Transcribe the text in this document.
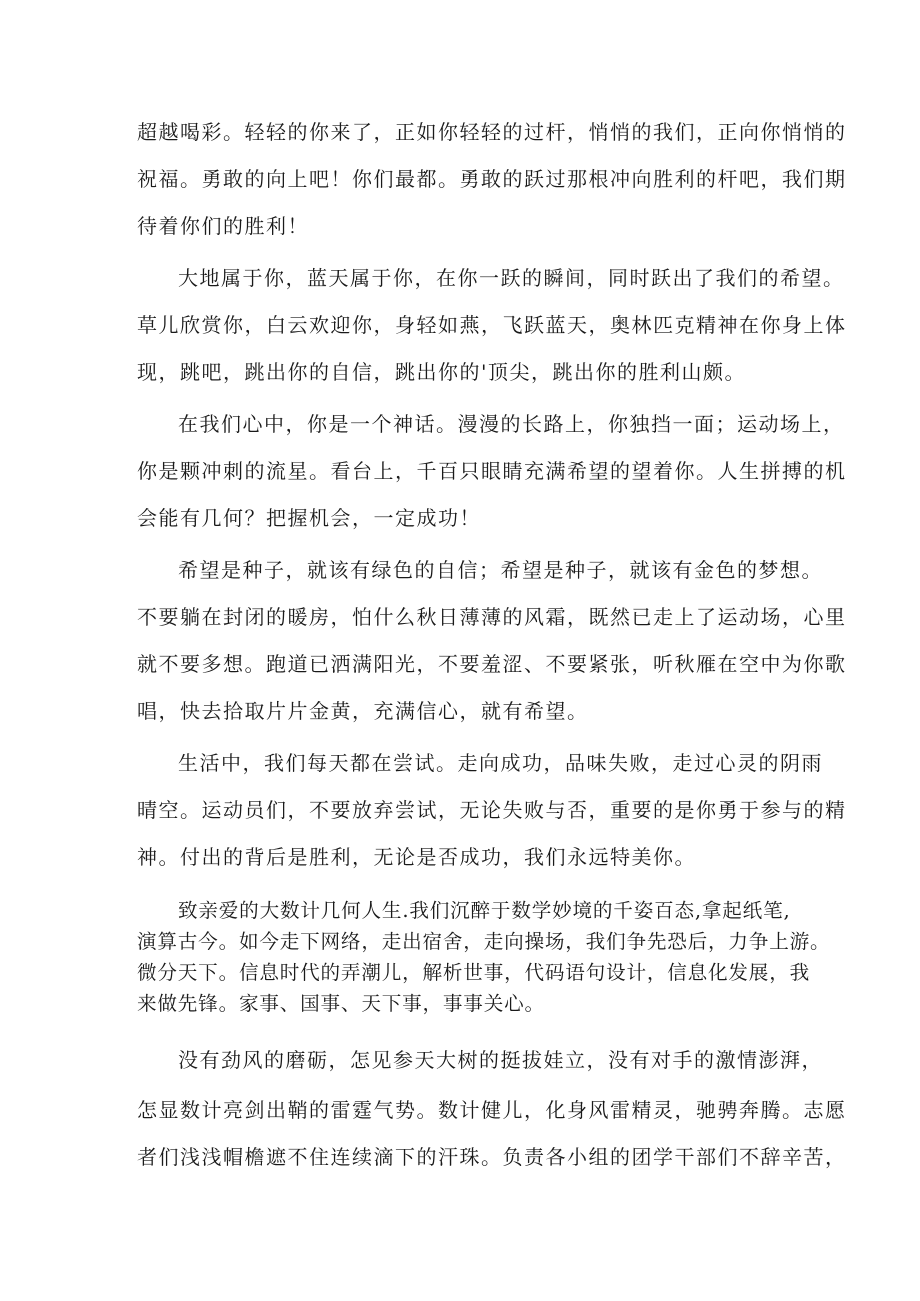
超越喝彩。轻轻的你来了，正如你轻轻的过杆，悄悄的我们，正向你悄悄的

祝福。勇敢的向上吧！你们最都。勇敢的跃过那根冲向胜利的杆吧，我们期

待着你们的胜利！

大地属于你，蓝天属于你，在你一跃的瞬间，同时跃出了我们的希望。

草儿欣赏你，白云欢迎你，身轻如燕，飞跃蓝天，奥林匹克精神在你身上体

现，跳吧，跳出你的自信，跳出你的'顶尖，跳出你的胜利山颇。

在我们心中，你是一个神话。漫漫的长路上，你独挡一面；运动场上，

你是颗冲刺的流星。看台上，千百只眼睛充满希望的望着你。人生拼搏的机

会能有几何？把握机会，一定成功！

希望是种子，就该有绿色的自信；希望是种子，就该有金色的梦想。

不要躺在封闭的暖房，怕什么秋日薄薄的风霜，既然已走上了运动场，心里

就不要多想。跑道已洒满阳光，不要羞涩、不要紧张，听秋雁在空中为你歌

唱，快去拾取片片金黄，充满信心，就有希望。

生活中，我们每天都在尝试。走向成功，品味失败，走过心灵的阴雨

晴空。运动员们，不要放弃尝试，无论失败与否，重要的是你勇于参与的精

神。付出的背后是胜利，无论是否成功，我们永远特美你。

致亲爱的大数计几何人生.我们沉醉于数学妙境的千姿百态,拿起纸笔,

演算古今。如今走下网络，走出宿舍，走向操场，我们争先恐后，力争上游。

微分天下。信息时代的弄潮儿，解析世事，代码语句设计，信息化发展，我

来做先锋。家事、国事、天下事，事事关心。

没有劲风的磨砺，怎见参天大树的挺拔娃立，没有对手的激情澎湃，

怎显数计亮剑出鞘的雷霆气势。数计健儿，化身风雷精灵，驰骋奔腾。志愿

者们浅浅帽檐遮不住连续滴下的汗珠。负责各小组的团学干部们不辞辛苦，
